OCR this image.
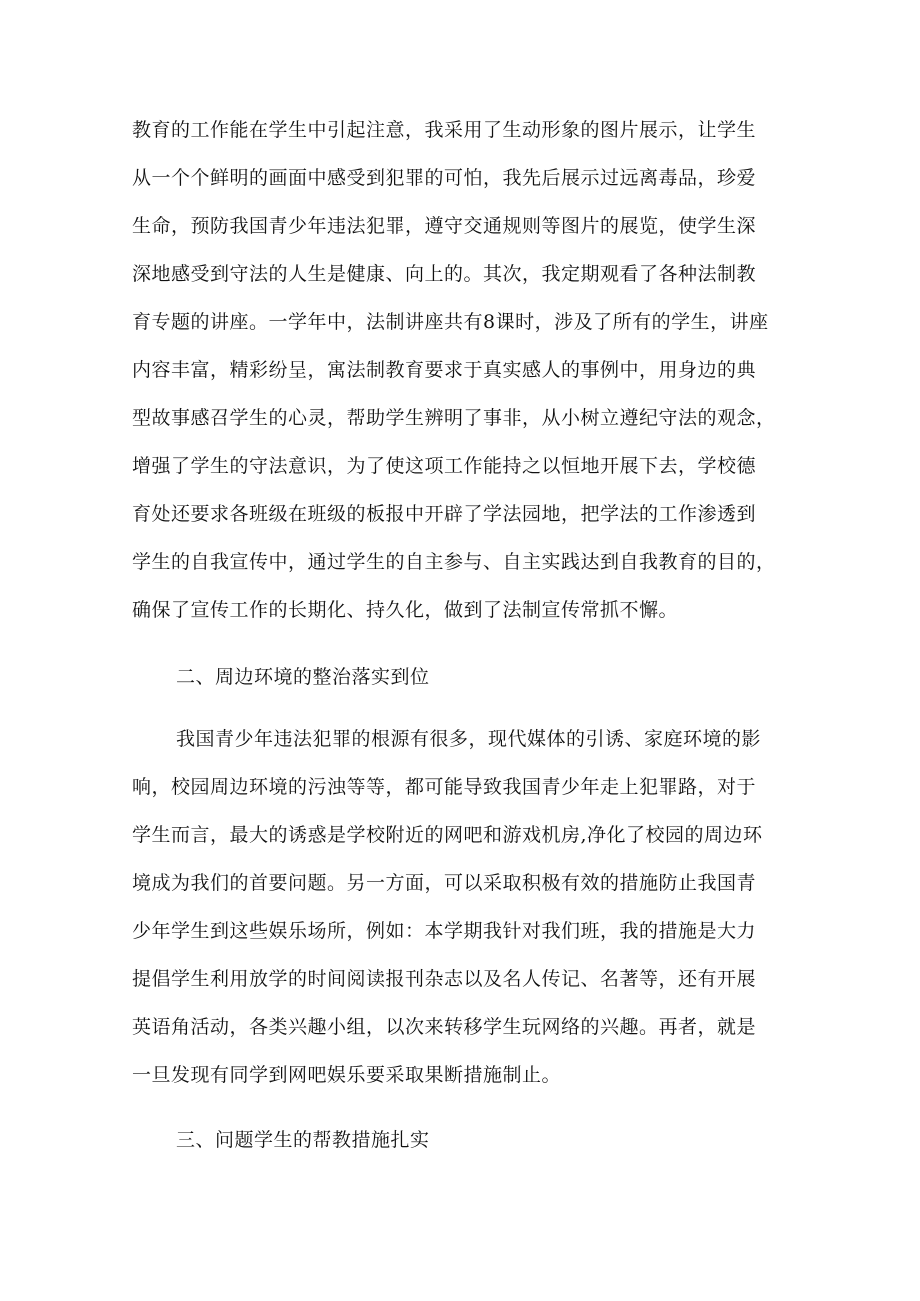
教育的工作能在学生中引起注意，我采用了生动形象的图片展示，让学生
从一个个鲜明的画面中感受到犯罪的可怕，我先后展示过远离毒品，珍爱
生命，预防我国青少年违法犯罪，遵守交通规则等图片的展览，使学生深
深地感受到守法的人生是健康、向上的。其次，我定期观看了各种法制教
育专题的讲座。一学年中，法制讲座共有8课时，涉及了所有的学生，讲座
内容丰富，精彩纷呈，寓法制教育要求于真实感人的事例中，用身边的典
型故事感召学生的心灵，帮助学生辨明了事非，从小树立遵纪守法的观念，
增强了学生的守法意识，为了使这项工作能持之以恒地开展下去，学校德
育处还要求各班级在班级的板报中开辟了学法园地，把学法的工作渗透到
学生的自我宣传中，通过学生的自主参与、自主实践达到自我教育的目的，
确保了宣传工作的长期化、持久化，做到了法制宣传常抓不懈。
二、周边环境的整治落实到位
我国青少年违法犯罪的根源有很多，现代媒体的引诱、家庭环境的影
响，校园周边环境的污浊等等，都可能导致我国青少年走上犯罪路，对于
学生而言，最大的诱惑是学校附近的网吧和游戏机房,净化了校园的周边环
境成为我们的首要问题。另一方面，可以采取积极有效的措施防止我国青
少年学生到这些娱乐场所，例如：本学期我针对我们班，我的措施是大力
提倡学生利用放学的时间阅读报刊杂志以及名人传记、名著等，还有开展
英语角活动，各类兴趣小组，以次来转移学生玩网络的兴趣。再者，就是
一旦发现有同学到网吧娱乐要采取果断措施制止。
三、问题学生的帮教措施扎实
